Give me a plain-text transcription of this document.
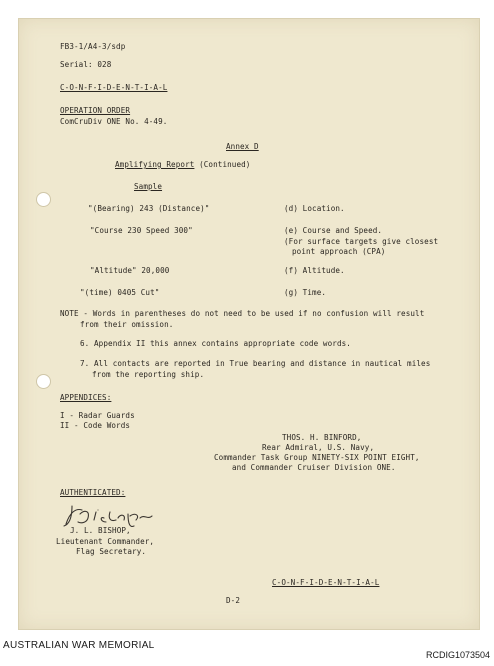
FB3-1/A4-3/sdp
Serial: 028
C-O-N-F-I-D-E-N-T-I-A-L
OPERATION ORDER
ComCruDiv ONE No. 4-49.
Annex D
Amplifying Report (Continued)
Sample
"(Bearing) 243 (Distance)"	(d) Location.
"Course 230 Speed 300"	(e) Course and Speed.
(For surface targets give closest
point approach (CPA)
"Altitude" 20,000	(f) Altitude.
"(time) 0405 Cut"	(g) Time.
NOTE - Words in parentheses do not need to be used if no confusion will result
from their omission.
6. Appendix II this annex contains appropriate code words.
7. All contacts are reported in True bearing and distance in nautical miles
from the reporting ship.
APPENDICES:
I - Radar Guards
II - Code Words
THOS. H. BINFORD,
Rear Admiral, U.S. Navy,
Commander Task Group NINETY-SIX POINT EIGHT,
and Commander Cruiser Division ONE.
AUTHENTICATED:
J. L. BISHOP,
Lieutenant Commander,
Flag Secretary.
C-O-N-F-I-D-E-N-T-I-A-L
D-2
AUSTRALIAN WAR MEMORIAL
RCDIG1073504
